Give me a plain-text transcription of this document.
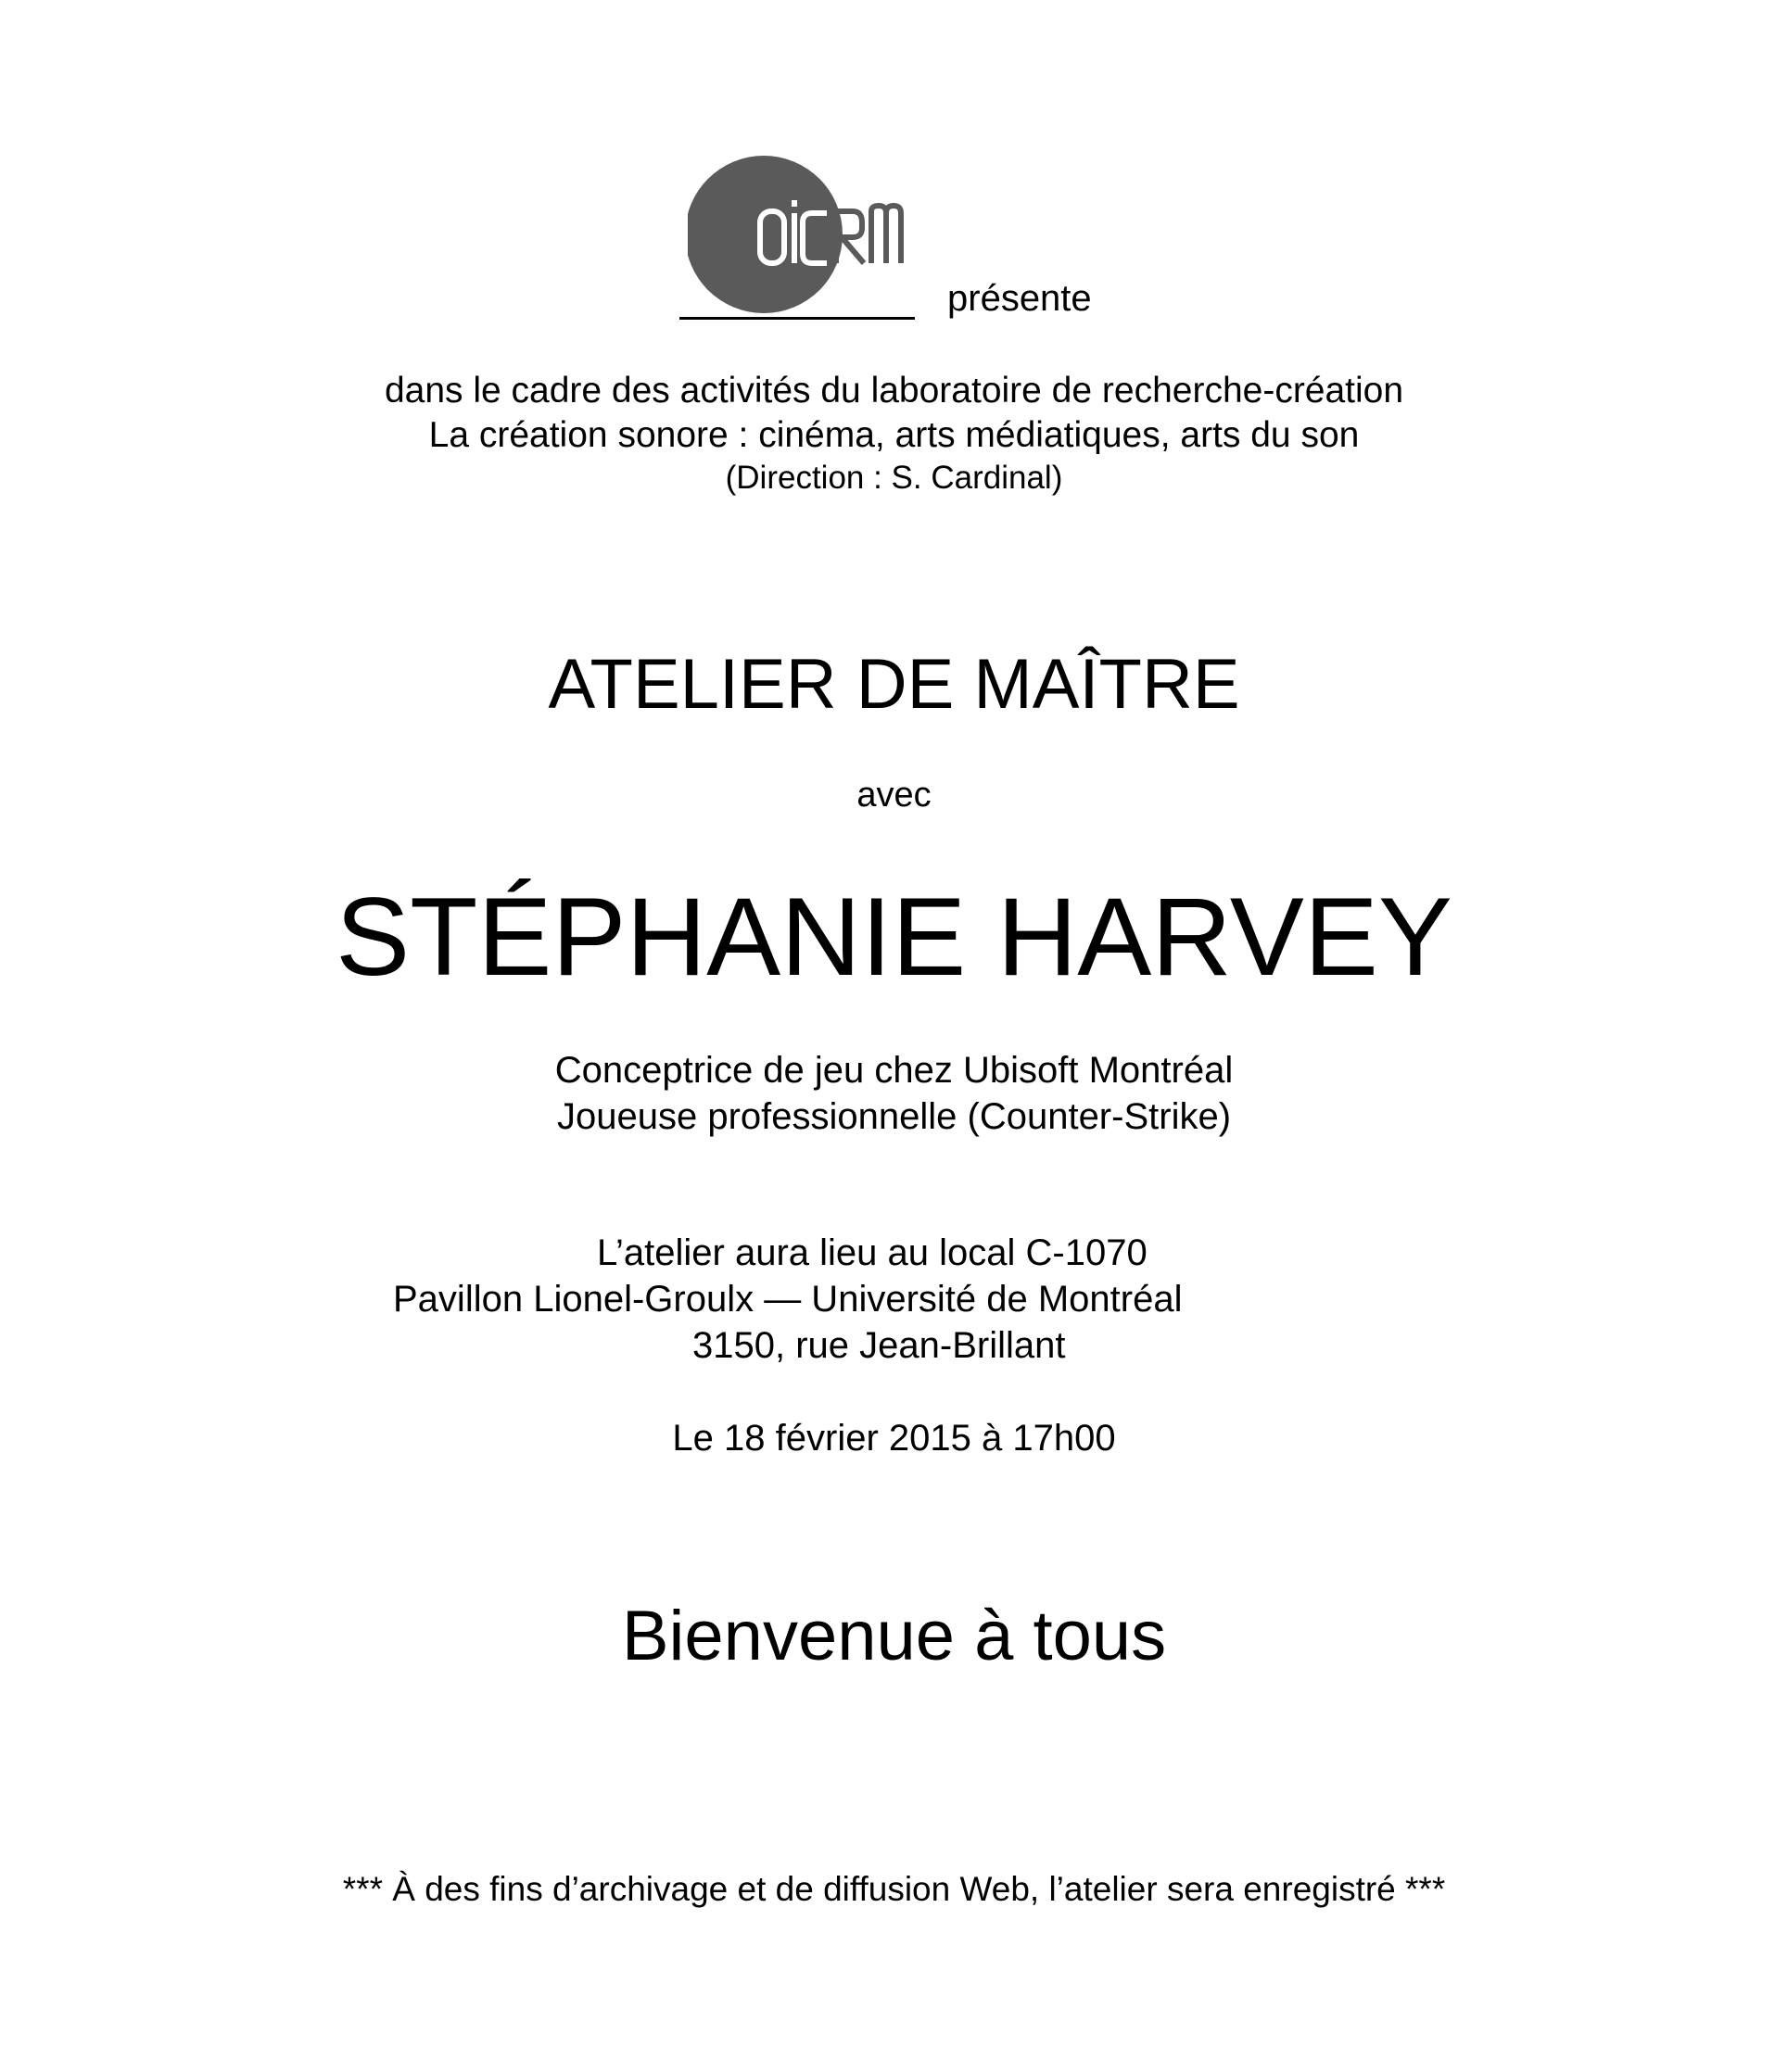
présente
dans le cadre des activités du laboratoire de recherche-création
La création sonore : cinéma, arts médiatiques, arts du son
(Direction : S. Cardinal)
ATELIER DE MAÎTRE
avec
STÉPHANIE HARVEY
Conceptrice de jeu chez Ubisoft Montréal
Joueuse professionnelle (Counter-Strike)
L’atelier aura lieu au local C-1070
Pavillon Lionel-Groulx — Université de Montréal
3150, rue Jean-Brillant
Le 18 février 2015 à 17h00
Bienvenue à tous
*** À des fins d’archivage et de diffusion Web, l’atelier sera enregistré ***
